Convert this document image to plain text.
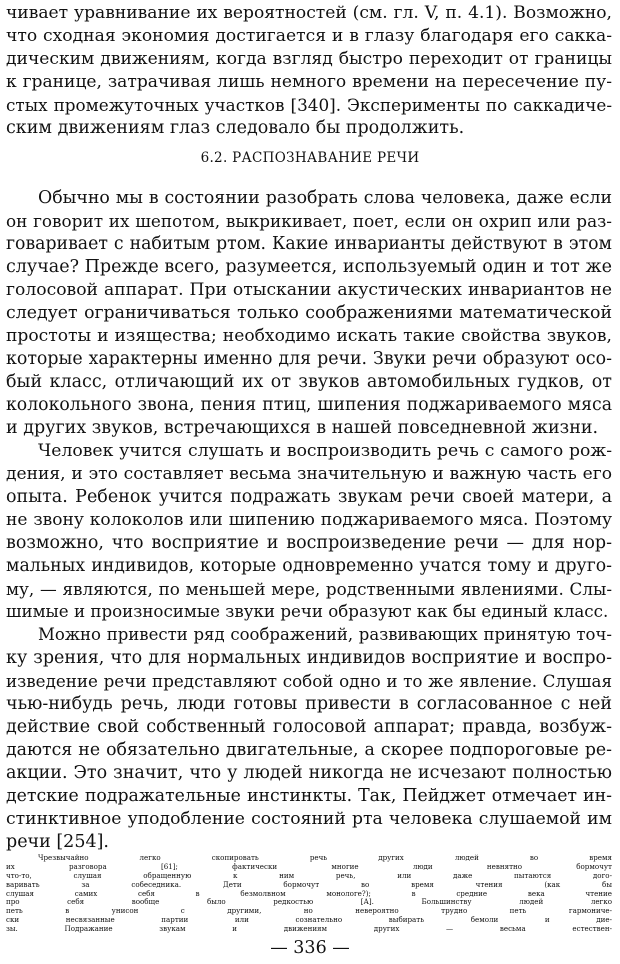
чивает уравнивание их вероятностей (см. гл. V, п. 4.1). Возможно,
что сходная экономия достигается и в глазу благодаря его саккa-
дическим движениям, когда взгляд быстро переходит от границы
к границе, затрачивая лишь немного времени на пересечение пу-
стых промежуточных участков [340]. Эксперименты по саккадиче-
ским движениям глаз следовало бы продолжить.
6.2. РАСПОЗНАВАНИЕ РЕЧИ
Обычно мы в состоянии разобрать слова человека, даже если
он говорит их шепотом, выкрикивает, поет, если он охрип или раз-
говаривает с набитым ртом. Какие инварианты действуют в этом
случае? Прежде всего, разумеется, используемый один и тот же
голосовой аппарат. При отыскании акустических инвариантов не
следует ограничиваться только соображениями математической
простоты и изящества; необходимо искать такие свойства звуков,
которые характерны именно для речи. Звуки речи образуют осо-
бый класс, отличающий их от звуков автомобильных гудков, от
колокольного звона, пения птиц, шипения поджариваемого мяса
и других звуков, встречающихся в нашей повседневной жизни.
Человек учится слушать и воспроизводить речь с самого рож-
дения, и это составляет весьма значительную и важную часть его
опыта. Ребенок учится подражать звукам речи своей матери, а
не звону колоколов или шипению поджариваемого мяса. Поэтому
возможно, что восприятие и воспроизведение речи — для нор-
мальных индивидов, которые одновременно учатся тому и друго-
му, — являются, по меньшей мере, родственными явлениями. Слы-
шимые и произносимые звуки речи образуют как бы единый класс.
Можно привести ряд соображений, развивающих принятую точ-
ку зрения, что для нормальных индивидов восприятие и воспро-
изведение речи представляют собой одно и то же явление. Слушая
чью-нибудь речь, люди готовы привести в согласованное с ней
действие свой собственный голосовой аппарат; правда, возбуж-
даются не обязательно двигательные, а скорее подпороговые ре-
акции. Это значит, что у людей никогда не исчезают полностью
детские подражательные инстинкты. Так, Пейджет отмечает ин-
стинктивное уподобление состояний рта человека слушаемой им
речи [254].
— 336 —
Чрезвычайно легко скопировать речь других людей во время
их разговора [61]; фактически многие люди невнятно бормочут
что-то, слушая обращенную к ним речь, или даже пытаются дого-
варивать за собеседника. Дети бормочут во время чтения (как бы
слушая самих себя в безмолвном монологе?); в средние века чтение
про себя вообще было редкостью [А]. Большинству людей легко
петь в унисон с другими, но невероятно трудно петь гармониче-
ски несвязанные партии или сознательно выбирать бемоли и дие-
зы. Подражание звукам и движениям других — весьма естествен-
